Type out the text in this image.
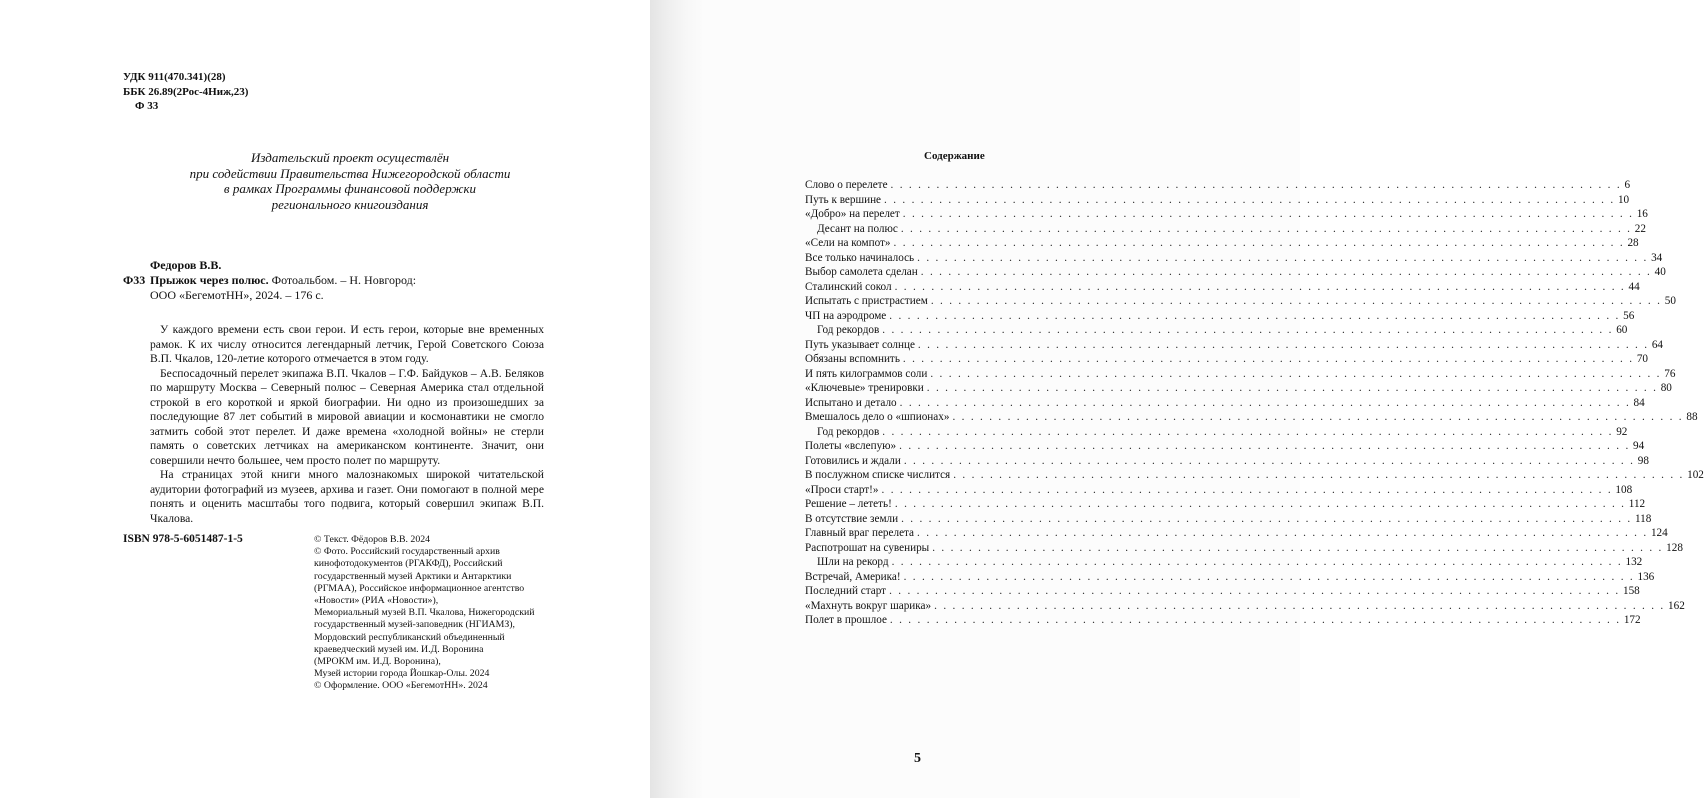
УДК 911(470.341)(28)
ББК 26.89(2Рос-4Ниж,23)
Ф 33
Издательский проект осуществлён
при содействии Правительства Нижегородской области
в рамках Программы финансовой поддержки
регионального книгоиздания
Федоров В.В.
Ф33 Прыжок через полюс. Фотоальбом. – Н. Новгород:
ООО «БегемотНН», 2024. – 176 с.

У каждого времени есть свои герои. И есть герои, которые вне временных рамок. К их числу относится легендарный летчик, Герой Советского Союза В.П. Чкалов, 120-летие которого отмечается в этом году.

Беспосадочный перелет экипажа В.П. Чкалов – Г.Ф. Байдуков – А.В. Беляков по маршруту Москва – Северный полюс – Северная Америка стал отдельной строкой в его короткой и яркой биографии. Ни одно из произошедших за последующие 87 лет событий в мировой авиации и космонавтики не смогло затмить собой этот перелет. И даже времена «холодной войны» не стерли память о советских летчиках на американском континенте. Значит, они совершили нечто большее, чем просто полет по маршруту.

На страницах этой книги много малознакомых широкой читательской аудитории фотографий из музеев, архива и газет. Они помогают в полной мере понять и оценить масштабы того подвига, который совершил экипаж В.П. Чкалова.

ISBN 978-5-6051487-1-5	© Текст. Фёдоров В.В. 2024
© Фото. Российский государственный архив
кинофотодокументов (РГАКФД), Российский
государственный музей Арктики и Антарктики
(РГМАА), Российское информационное агентство
«Новости» (РИА «Новости»),
Мемориальный музей В.П. Чкалова, Нижегородский
государственный музей-заповедник (НГИАМЗ),
Мордовский республиканский объединенный
краеведческий музей им. И.Д. Воронина
(МРОКМ им. И.Д. Воронина),
Музей истории города Йошкар-Олы. 2024
© Оформление. ООО «БегемотНН». 2024
Содержание
Слово о перелете . . . . . . . . . . . . . . . . . . . . . . . . . . . . . . . . . . . . . . . . . . . . . . . . . . . . . . . . . . . . . . . . . . . . . . . . . . . . . . . . 6
Путь к вершине . . . . . . . . . . . . . . . . . . . . . . . . . . . . . . . . . . . . . . . . . . . . . . . . . . . . . . . . . . . . . . . . . . . . . . . . . . . . . . . . 10
«Добро» на перелет . . . . . . . . . . . . . . . . . . . . . . . . . . . . . . . . . . . . . . . . . . . . . . . . . . . . . . . . . . . . . . . . . . . . . . . . . . . . . . . . 16
Десант на полюс . . . . . . . . . . . . . . . . . . . . . . . . . . . . . . . . . . . . . . . . . . . . . . . . . . . . . . . . . . . . . . . . . . . . . . . . . . . . . . . . 22
«Сели на компот» . . . . . . . . . . . . . . . . . . . . . . . . . . . . . . . . . . . . . . . . . . . . . . . . . . . . . . . . . . . . . . . . . . . . . . . . . . . . . . . . 28
Все только начиналось . . . . . . . . . . . . . . . . . . . . . . . . . . . . . . . . . . . . . . . . . . . . . . . . . . . . . . . . . . . . . . . . . . . . . . . . . . . . . . . . 34
Выбор самолета сделан . . . . . . . . . . . . . . . . . . . . . . . . . . . . . . . . . . . . . . . . . . . . . . . . . . . . . . . . . . . . . . . . . . . . . . . . . . . . . . . . 40
Сталинский сокол . . . . . . . . . . . . . . . . . . . . . . . . . . . . . . . . . . . . . . . . . . . . . . . . . . . . . . . . . . . . . . . . . . . . . . . . . . . . . . . . 44
Испытать с пристрастием . . . . . . . . . . . . . . . . . . . . . . . . . . . . . . . . . . . . . . . . . . . . . . . . . . . . . . . . . . . . . . . . . . . . . . . . . . . . . . . . 50
ЧП на аэродроме . . . . . . . . . . . . . . . . . . . . . . . . . . . . . . . . . . . . . . . . . . . . . . . . . . . . . . . . . . . . . . . . . . . . . . . . . . . . . . . . 56
Год рекордов . . . . . . . . . . . . . . . . . . . . . . . . . . . . . . . . . . . . . . . . . . . . . . . . . . . . . . . . . . . . . . . . . . . . . . . . . . . . . . . . 60
Путь указывает солнце . . . . . . . . . . . . . . . . . . . . . . . . . . . . . . . . . . . . . . . . . . . . . . . . . . . . . . . . . . . . . . . . . . . . . . . . . . . . . . . . 64
Обязаны вспомнить . . . . . . . . . . . . . . . . . . . . . . . . . . . . . . . . . . . . . . . . . . . . . . . . . . . . . . . . . . . . . . . . . . . . . . . . . . . . . . . . 70
И пять килограммов соли . . . . . . . . . . . . . . . . . . . . . . . . . . . . . . . . . . . . . . . . . . . . . . . . . . . . . . . . . . . . . . . . . . . . . . . . . . . . . . . . 76
«Ключевые» тренировки . . . . . . . . . . . . . . . . . . . . . . . . . . . . . . . . . . . . . . . . . . . . . . . . . . . . . . . . . . . . . . . . . . . . . . . . . . . . . . . . 80
Испытано и детало . . . . . . . . . . . . . . . . . . . . . . . . . . . . . . . . . . . . . . . . . . . . . . . . . . . . . . . . . . . . . . . . . . . . . . . . . . . . . . . . 84
Вмешалось дело о «шпионах» . . . . . . . . . . . . . . . . . . . . . . . . . . . . . . . . . . . . . . . . . . . . . . . . . . . . . . . . . . . . . . . . . . . . . . . . . . . . . . . . 88
Год рекордов . . . . . . . . . . . . . . . . . . . . . . . . . . . . . . . . . . . . . . . . . . . . . . . . . . . . . . . . . . . . . . . . . . . . . . . . . . . . . . . . 92
Полеты «вслепую» . . . . . . . . . . . . . . . . . . . . . . . . . . . . . . . . . . . . . . . . . . . . . . . . . . . . . . . . . . . . . . . . . . . . . . . . . . . . . . . . 94
Готовились и ждали . . . . . . . . . . . . . . . . . . . . . . . . . . . . . . . . . . . . . . . . . . . . . . . . . . . . . . . . . . . . . . . . . . . . . . . . . . . . . . . . 98
В послужном списке числится . . . . . . . . . . . . . . . . . . . . . . . . . . . . . . . . . . . . . . . . . . . . . . . . . . . . . . . . . . . . . . . . . . . . . . . . . . . . . . . . 102
«Проси старт!» . . . . . . . . . . . . . . . . . . . . . . . . . . . . . . . . . . . . . . . . . . . . . . . . . . . . . . . . . . . . . . . . . . . . . . . . . . . . . . . . 108
Решение – лететь! . . . . . . . . . . . . . . . . . . . . . . . . . . . . . . . . . . . . . . . . . . . . . . . . . . . . . . . . . . . . . . . . . . . . . . . . . . . . . . . . 112
В отсутствие земли . . . . . . . . . . . . . . . . . . . . . . . . . . . . . . . . . . . . . . . . . . . . . . . . . . . . . . . . . . . . . . . . . . . . . . . . . . . . . . . . 118
Главный враг перелета . . . . . . . . . . . . . . . . . . . . . . . . . . . . . . . . . . . . . . . . . . . . . . . . . . . . . . . . . . . . . . . . . . . . . . . . . . . . . . . . 124
Распотрошат на сувениры . . . . . . . . . . . . . . . . . . . . . . . . . . . . . . . . . . . . . . . . . . . . . . . . . . . . . . . . . . . . . . . . . . . . . . . . . . . . . . . . 128
Шли на рекорд . . . . . . . . . . . . . . . . . . . . . . . . . . . . . . . . . . . . . . . . . . . . . . . . . . . . . . . . . . . . . . . . . . . . . . . . . . . . . . . . 132
Встречай, Америка! . . . . . . . . . . . . . . . . . . . . . . . . . . . . . . . . . . . . . . . . . . . . . . . . . . . . . . . . . . . . . . . . . . . . . . . . . . . . . . . . 136
Последний старт . . . . . . . . . . . . . . . . . . . . . . . . . . . . . . . . . . . . . . . . . . . . . . . . . . . . . . . . . . . . . . . . . . . . . . . . . . . . . . . . 158
«Махнуть вокруг шарика» . . . . . . . . . . . . . . . . . . . . . . . . . . . . . . . . . . . . . . . . . . . . . . . . . . . . . . . . . . . . . . . . . . . . . . . . . . . . . . . . 162
Полет в прошлое . . . . . . . . . . . . . . . . . . . . . . . . . . . . . . . . . . . . . . . . . . . . . . . . . . . . . . . . . . . . . . . . . . . . . . . . . . . . . . . . 172
5
